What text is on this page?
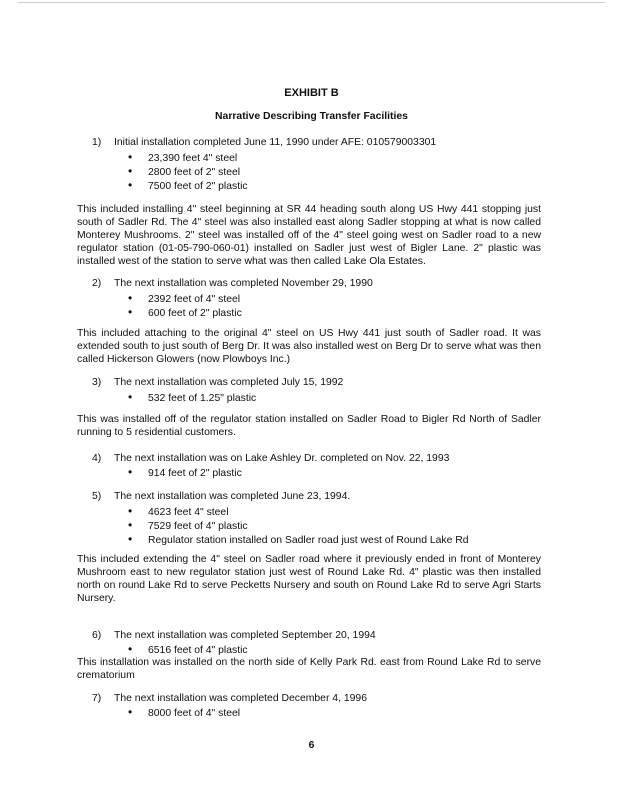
EXHIBIT B
Narrative Describing Transfer Facilities
1) Initial installation completed June 11, 1990 under AFE: 010579003301
• 23,390 feet 4" steel
• 2800 feet of 2" steel
• 7500 feet of 2" plastic
This included installing 4" steel beginning at SR 44 heading south along US Hwy 441 stopping just south of Sadler Rd. The 4" steel was also installed east along Sadler stopping at what is now called Monterey Mushrooms. 2" steel was installed off of the 4" steel going west on Sadler road to a new regulator station (01-05-790-060-01) installed on Sadler just west of Bigler Lane. 2" plastic was installed west of the station to serve what was then called Lake Ola Estates.
2) The next installation was completed November 29, 1990
• 2392 feet of 4" steel
• 600 feet of 2" plastic
This included attaching to the original 4" steel on US Hwy 441 just south of Sadler road. It was extended south to just south of Berg Dr. It was also installed west on Berg Dr to serve what was then called Hickerson Glowers (now Plowboys Inc.)
3) The next installation was completed July 15, 1992
• 532 feet of 1.25" plastic
This was installed off of the regulator station installed on Sadler Road to Bigler Rd North of Sadler running to 5 residential customers.
4) The next installation was on Lake Ashley Dr. completed on Nov. 22, 1993
• 914 feet of 2" plastic
5) The next installation was completed June 23, 1994.
• 4623 feet 4" steel
• 7529 feet of 4" plastic
• Regulator station installed on Sadler road just west of Round Lake Rd
This included extending the 4" steel on Sadler road where it previously ended in front of Monterey Mushroom east to new regulator station just west of Round Lake Rd. 4" plastic was then installed north on round Lake Rd to serve Pecketts Nursery and south on Round Lake Rd to serve Agri Starts Nursery.
6) The next installation was completed September 20, 1994
• 6516 feet of 4" plastic
This installation was installed on the north side of Kelly Park Rd. east from Round Lake Rd to serve crematorium
7) The next installation was completed December 4, 1996
• 8000 feet of 4" steel
6
